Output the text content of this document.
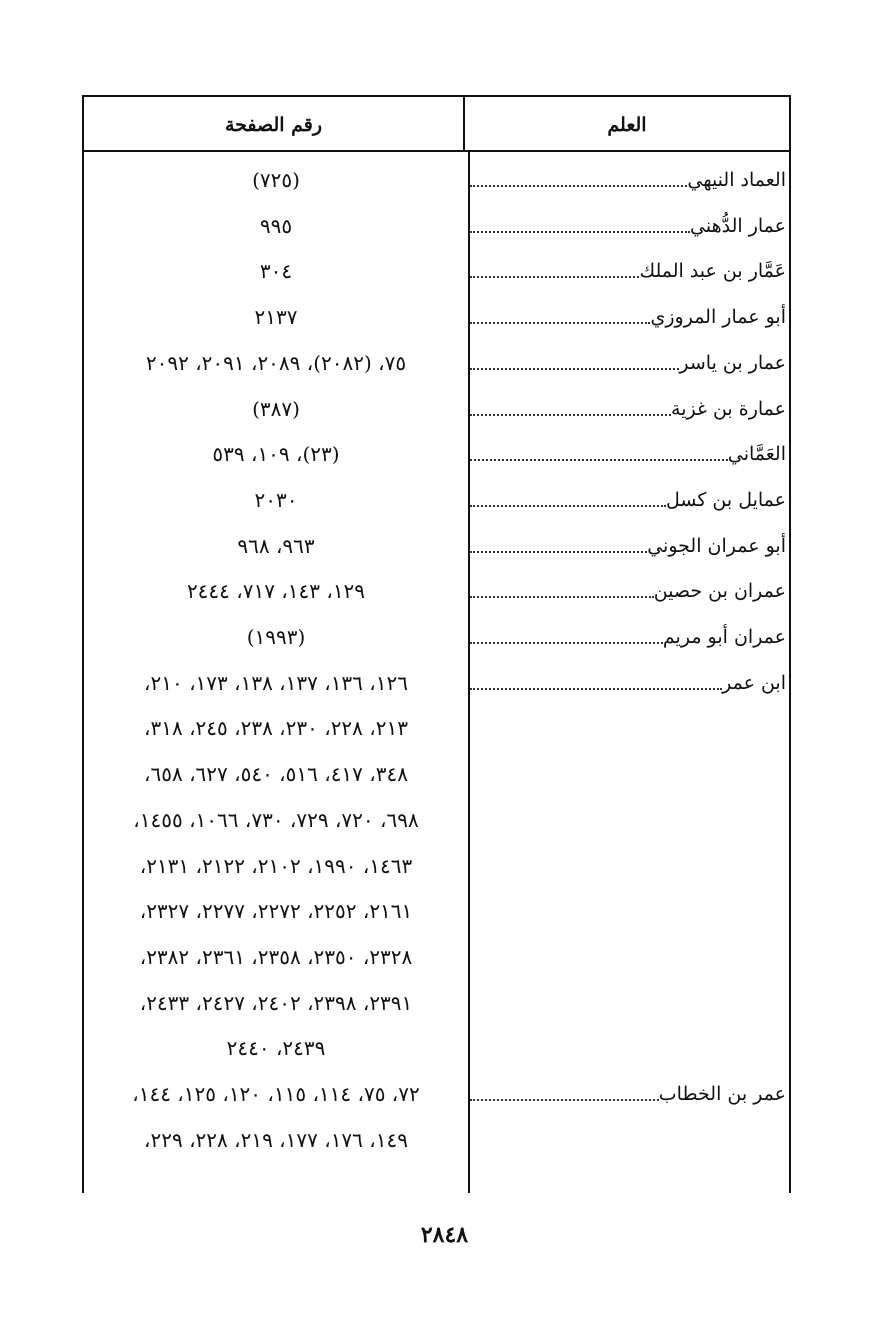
العلم
رقم الصفحة
العماد النيهي
(٧٢٥)
عمار الدُّهني
٩٩٥
عَمَّار بن عبد الملك
٣٠٤
أبو عمار المروزي
٢١٣٧
عمار بن ياسر
٧٥، (٢٠٨٢)، ٢٠٨٩، ٢٠٩١، ٢٠٩٢
عمارة بن غزية
(٣٨٧)
العَمَّاني
(٢٣)، ١٠٩، ٥٣٩
عمايل بن كسل
٢٠٣٠
أبو عمران الجوني
٩٦٣، ٩٦٨
عمران بن حصين
١٢٩، ١٤٣، ٧١٧، ٢٤٤٤
عمران أبو مريم
(١٩٩٣)
ابن عمر
١٢٦، ١٣٦، ١٣٧، ١٣٨، ١٧٣، ٢١٠،
٢١٣، ٢٢٨، ٢٣٠، ٢٣٨، ٢٤٥، ٣١٨،
٣٤٨، ٤١٧، ٥١٦، ٥٤٠، ٦٢٧، ٦٥٨،
٦٩٨، ٧٢٠، ٧٢٩، ٧٣٠، ١٠٦٦، ١٤٥٥،
١٤٦٣، ١٩٩٠، ٢١٠٢، ٢١٢٢، ٢١٣١،
٢١٦١، ٢٢٥٢، ٢٢٧٢، ٢٢٧٧، ٢٣٢٧،
٢٣٢٨، ٢٣٥٠، ٢٣٥٨، ٢٣٦١، ٢٣٨٢،
٢٣٩١، ٢٣٩٨، ٢٤٠٢، ٢٤٢٧، ٢٤٣٣،
٢٤٣٩، ٢٤٤٠
عمر بن الخطاب
٧٢، ٧٥، ١١٤، ١١٥، ١٢٠، ١٢٥، ١٤٤،
١٤٩، ١٧٦، ١٧٧، ٢١٩، ٢٢٨، ٢٢٩،
٢٨٤٨
